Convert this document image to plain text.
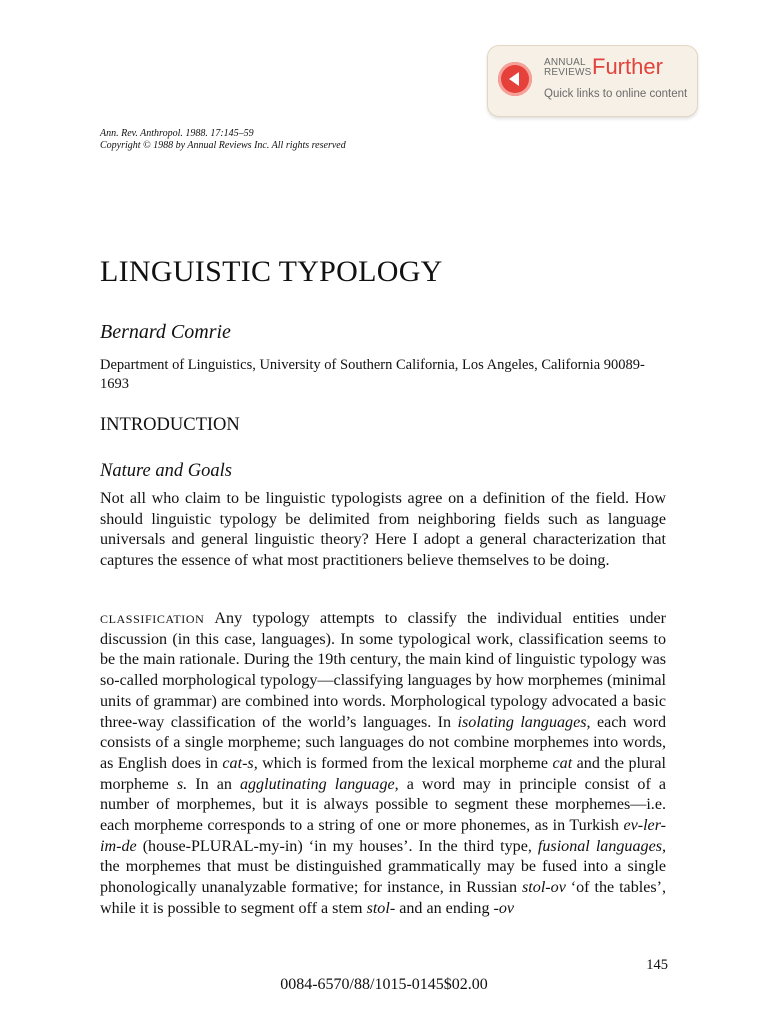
ANNUAL
REVIEWS Further
Quick links to online content
Ann. Rev. Anthropol. 1988. 17:145–59
Copyright © 1988 by Annual Reviews Inc. All rights reserved
LINGUISTIC TYPOLOGY
Bernard Comrie
Department of Linguistics, University of Southern California, Los Angeles, California 90089-1693
INTRODUCTION
Nature and Goals
Not all who claim to be linguistic typologists agree on a definition of the field. How should linguistic typology be delimited from neighboring fields such as language universals and general linguistic theory? Here I adopt a general characterization that captures the essence of what most practitioners believe themselves to be doing.
CLASSIFICATION Any typology attempts to classify the individual entities under discussion (in this case, languages). In some typological work, classification seems to be the main rationale. During the 19th century, the main kind of linguistic typology was so-called morphological typology—classifying languages by how morphemes (minimal units of grammar) are combined into words. Morphological typology advocated a basic three-way classification of the world’s languages. In isolating languages, each word consists of a single morpheme; such languages do not combine morphemes into words, as English does in cat-s, which is formed from the lexical morpheme cat and the plural morpheme s. In an agglutinating language, a word may in principle consist of a number of morphemes, but it is always possible to segment these morphemes—i.e. each morpheme corresponds to a string of one or more phonemes, as in Turkish ev-ler-im-de (house-PLURAL-my-in) ‘in my houses’. In the third type, fusional languages, the morphemes that must be distinguished grammatically may be fused into a single phonologically unanalyzable formative; for instance, in Russian stol-ov ‘of the tables’, while it is possible to segment off a stem stol- and an ending -ov
145
0084-6570/88/1015-0145$02.00
